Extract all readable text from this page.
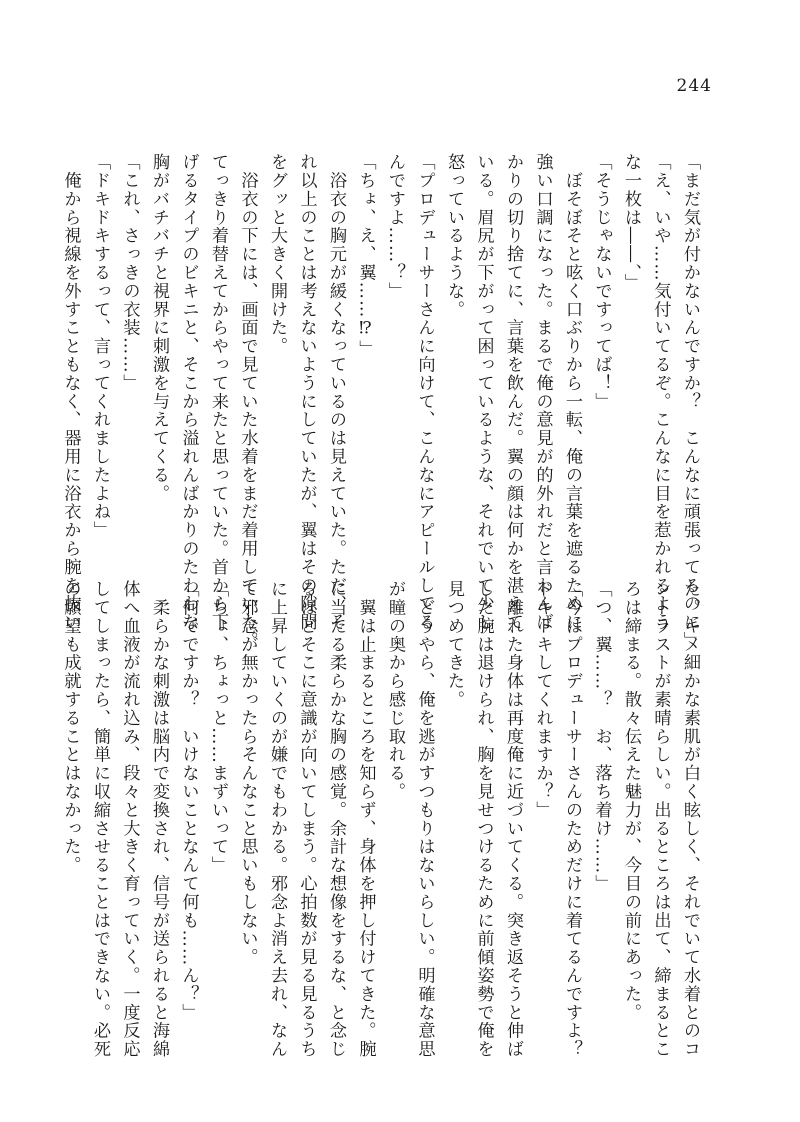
244
「まだ気が付かないんですか？　こんなに頑張ってるのに」
「え、いや……気付いてるぞ。こんなに目を惹かれるよう
な一枚は――、」
「そうじゃないですってば！」
　ぼそぼそと呟く口ぶりから一転、俺の言葉を遮るために
強い口調になった。まるで俺の意見が的外れだと言わんば
かりの切り捨てに、言葉を飲んだ。翼の顔は何かを湛えて
いる。眉尻が下がって困っているような、それでいて少し
怒っているような。
「プロデューサーさんに向けて、こんなにアピールしてる
んですよ……？」
「ちょ、え、翼……⁉」
　浴衣の胸元が緩くなっているのは見えていた。ただ、そ
れ以上のことは考えないようにしていたが、翼はその隙間
をグッと大きく開けた。
　浴衣の下には、画面で見ていた水着をまだ着用していた。
てっきり着替えてからやって来たと思っていた。首から下
げるタイプのビキニと、そこから溢れんばかりのたわわな
胸がバチバチと視界に刺激を与えてくる。
「これ、さっきの衣装……」
「ドキドキするって、言ってくれましたよね」
　俺から視線を外すこともなく、器用に浴衣から腕を抜い
た。キメ細かな素肌が白く眩しく、それでいて水着とのコ
ントラストが素晴らしい。出るところは出て、締まるとこ
ろは締まる。散々伝えた魅力が、今目の前にあった。
「つ、翼……？　お、落ち着け……」
「今はプロデューサーさんのためだけに着てるんですよ？
ドキドキしてくれますか？」
　離れた身体は再度俺に近づいてくる。突き返そうと伸ば
した腕は退けられ、胸を見せつけるために前傾姿勢で俺を
見つめてきた。
　どうやら、俺を逃がすつもりはないらしい。明確な意思
が瞳の奥から感じ取れる。
　翼は止まるところを知らず、身体を押し付けてきた。腕
に当たる柔らかな胸の感覚。余計な想像をするな、と念じ
るほどそこに意識が向いてしまう。心拍数が見る見るうち
に上昇していくのが嫌でもわかる。邪念よ消え去れ、なん
て邪念が無かったらそんなこと思いもしない。
「ちょ、ちょっと……まずいって」
「何でですか？　いけないことなんて何も……ん？」
　柔らかな刺激は脳内で変換され、信号が送られると海綿
体へ血液が流れ込み、段々と大きく育っていく。一度反応
してしまったら、簡単に収縮させることはできない。必死
の願望も成就することはなかった。
